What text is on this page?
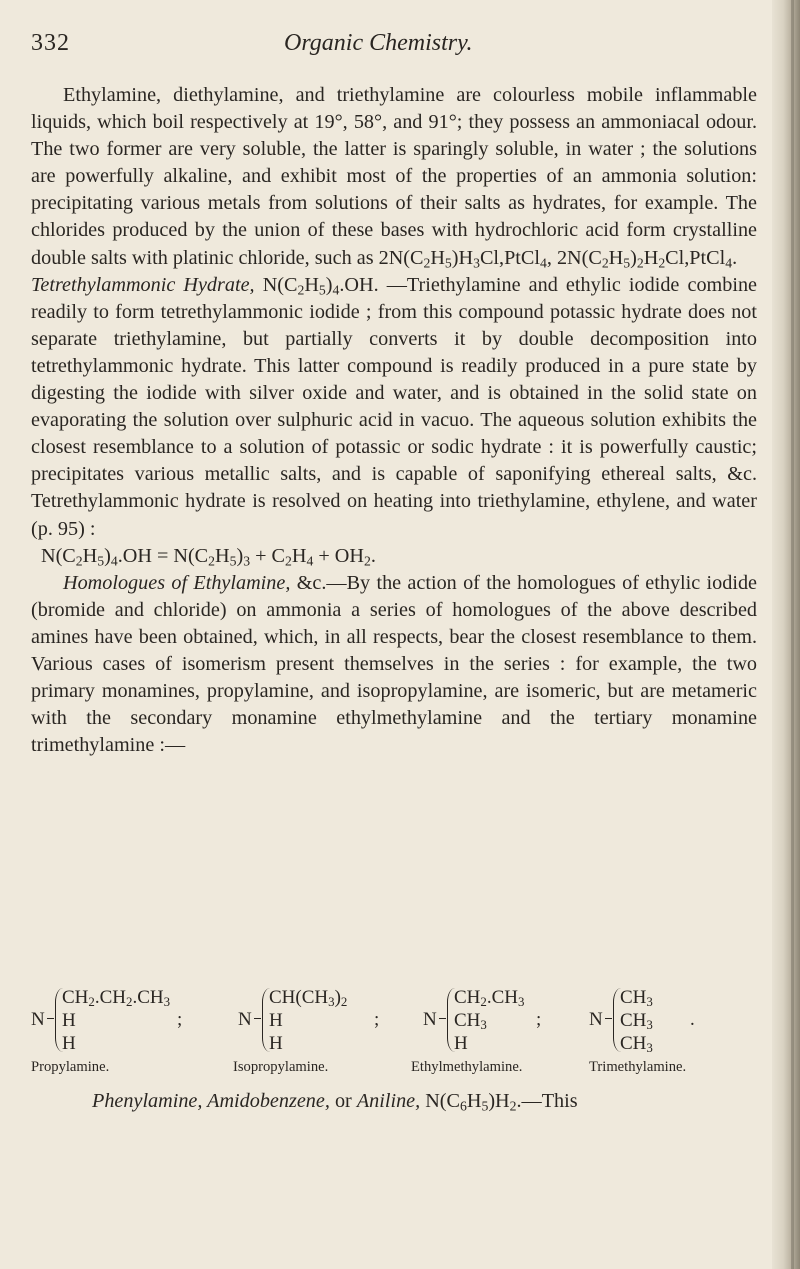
332	Organic Chemistry.

Ethylamine, diethylamine, and triethylamine are colourless mobile inflammable liquids, which boil respectively at 19°, 58°, and 91°; they possess an ammoniacal odour. The two former are very soluble, the latter is sparingly soluble, in water ; the solutions are powerfully alkaline, and exhibit most of the properties of an ammonia solution: precipitating various metals from solutions of their salts as hydrates, for example. The chlorides produced by the union of these bases with hydrochloric acid form crystalline double salts with platinic chloride, such as $2N(C_2H_5)H_3Cl,PtCl_4$, $2N(C_2H_5)_2H_2Cl,PtCl_4$.

Tetrethylammonic Hydrate, $N(C_2H_5)_4.OH$. —Triethylamine and ethylic iodide combine readily to form tetrethylammonic iodide ; from this compound potassic hydrate does not separate triethylamine, but partially converts it by double decomposition into tetrethylammonic hydrate. This latter compound is readily produced in a pure state by digesting the iodide with silver oxide and water, and is obtained in the solid state on evaporating the solution over sulphuric acid in vacuo. The aqueous solution exhibits the closest resemblance to a solution of potassic or sodic hydrate : it is powerfully caustic; precipitates various metallic salts, and is capable of saponifying ethereal salts, &c. Tetrethylammonic hydrate is resolved on heating into triethylamine, ethylene, and water (p. 95) :

$N(C_2H_5)_4.OH = N(C_2H_5)_3 + C_2H_4 + OH_2$.

Homologues of Ethylamine, &c.—By the action of the homologues of ethylic iodide (bromide and chloride) on ammonia a series of homologues of the above described amines have been obtained, which, in all respects, bear the closest resemblance to them. Various cases of isomerism present themselves in the series : for example, the two primary monamines, propylamine, and isopropylamine, are isomeric, but are metameric with the secondary monamine ethylmethylamine and the tertiary monamine trimethylamine :—

N
$CH_2.CH_2.CH_3$
H
H
;
Propylamine.
N
$CH(CH_3)_2$
H
H
;
Isopropylamine.
N
$CH_2.CH_3$
$CH_3$
H
;
Ethylmethylamine.
N
$CH_3$
$CH_3$
$CH_3$
.
Trimethylamine.
Phenylamine, Amidobenzene, or Aniline, $N(C_6H_5)H_2.—This$
